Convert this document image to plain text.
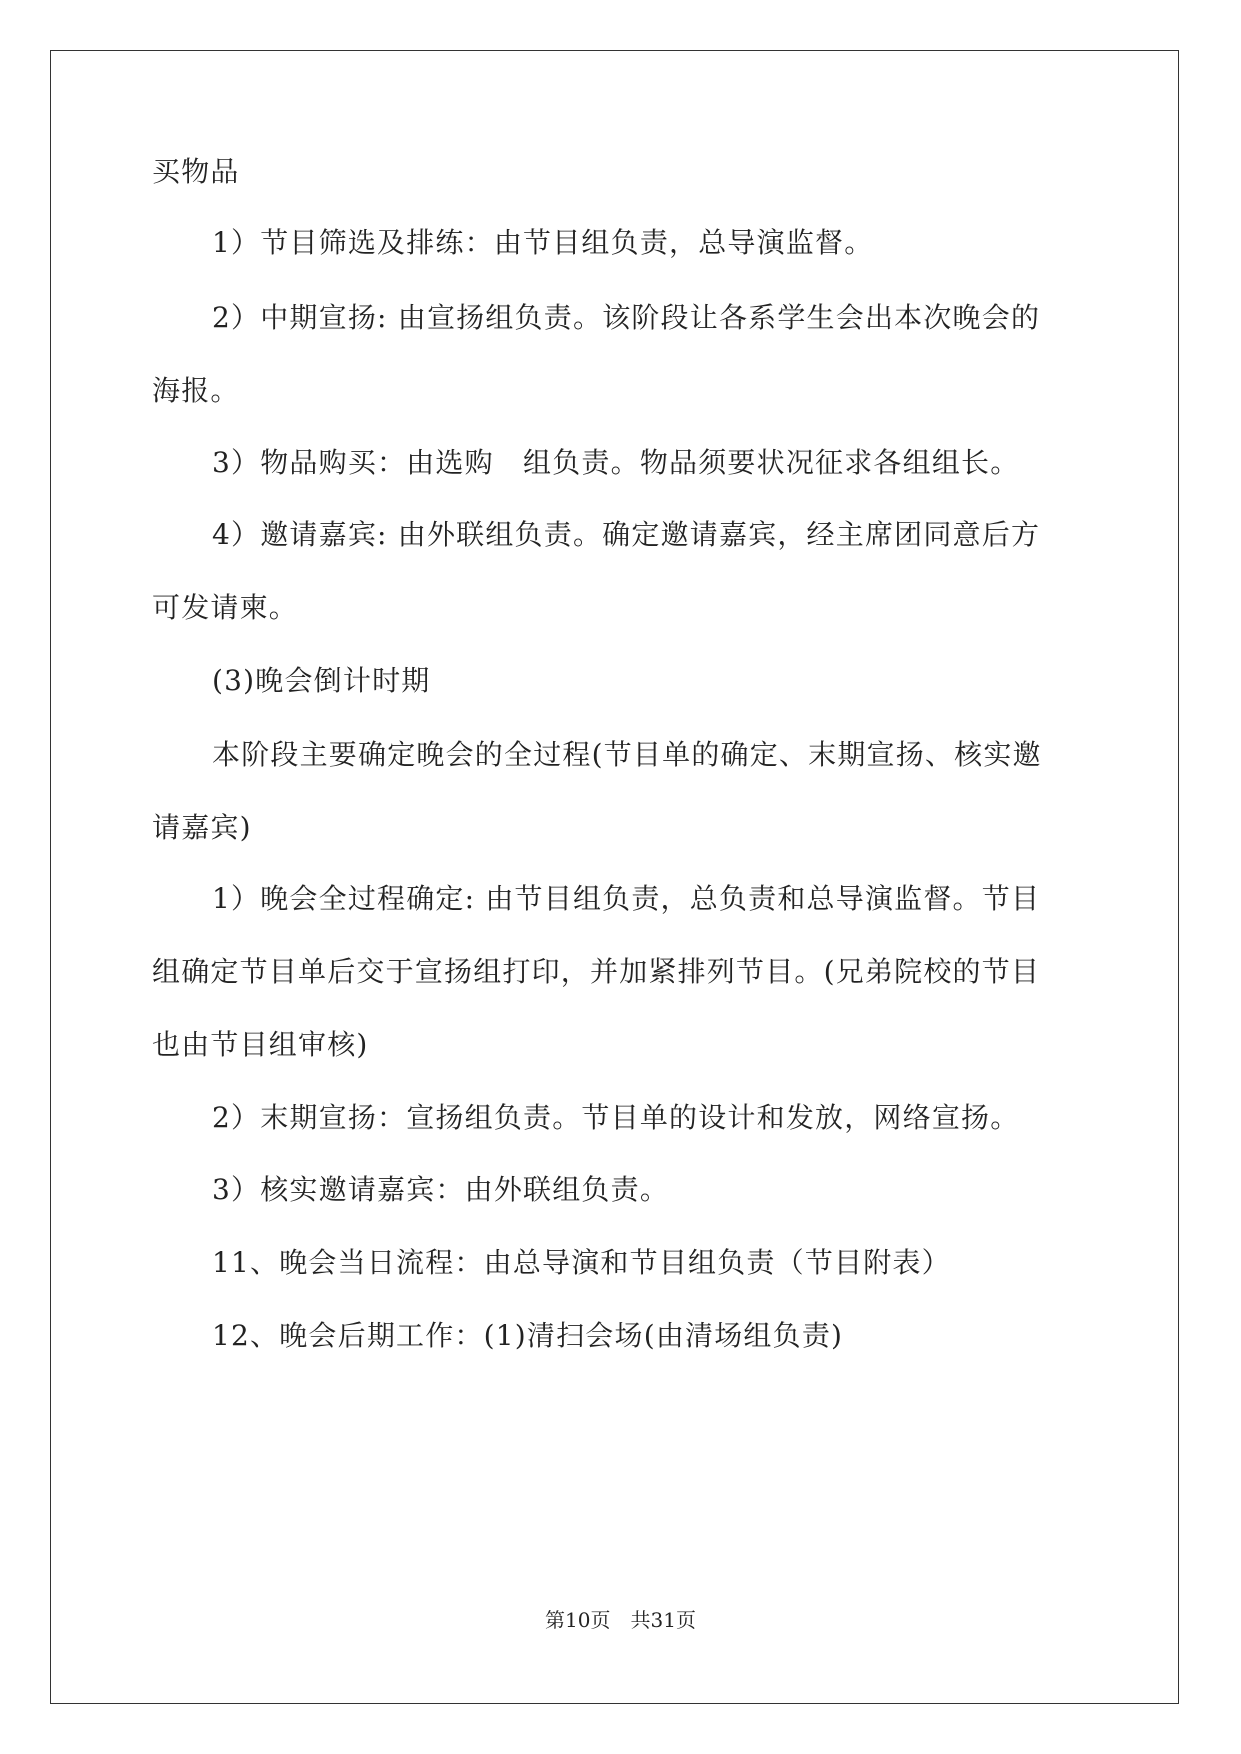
买物品
1）节目筛选及排练：由节目组负责，总导演监督。
2）中期宣扬: 由宣扬组负责。该阶段让各系学生会出本次晚会的
海报。
3）物品购买：由选购　组负责。物品须要状况征求各组组长。
4）邀请嘉宾: 由外联组负责。确定邀请嘉宾，经主席团同意后方
可发请柬。
(3)晚会倒计时期
本阶段主要确定晚会的全过程(节目单的确定、末期宣扬、核实邀
请嘉宾)
1）晚会全过程确定: 由节目组负责，总负责和总导演监督。节目
组确定节目单后交于宣扬组打印，并加紧排列节目。(兄弟院校的节目
也由节目组审核)
2）末期宣扬：宣扬组负责。节目单的设计和发放，网络宣扬。
3）核实邀请嘉宾：由外联组负责。
11、晚会当日流程：由总导演和节目组负责（节目附表）
12、晚会后期工作：(1)清扫会场(由清场组负责)
第10页 共31页
